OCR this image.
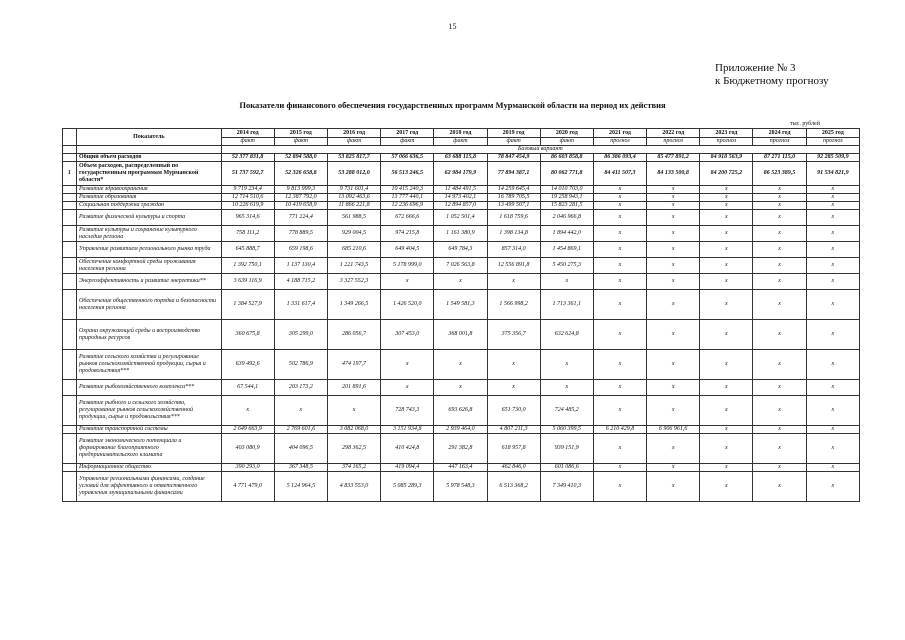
15
Приложение № 3
к Бюджетному прогнозу
Показатели финансового обеспечения государственных программ Мурманской области на период их действия
тыс. рублей
	Показатель	2014 год	2015 год	2016 год	2017 год	2018 год	2019 год	2020 год	2021 год	2022 год	2023 год	2024 год	2025 год
		факт	факт	факт	факт	факт	факт	факт	прогноз	прогноз	прогноз	прогноз	прогноз
		Базовый вариант											
	Общий объем расходов	52 377 831,8	52 894 588,0	53 825 817,7	57 066 636,5	63 688 115,8	78 847 454,9	86 603 858,8	86 386 093,4	85 477 891,2	84 918 563,9	87 271 115,0	92 285 509,9
1	Объем расходов, распределенный по государственным программам Мурманской области*	51 737 592,7	52 326 658,8	53 288 012,0	56 513 246,5	62 984 179,9	77 894 387,1	80 062 771,8	84 411 507,3	84 133 500,8	84 200 725,2	86 523 389,5	91 534 821,9
	Развитие здравоохранения	9 719 234,4	9 813 999,3	9 731 601,4	10 415 240,3	11 484 491,5	14 259 645,4	14 010 703,0	х	х	х	х	х
	Развитие образования	12 714 510,6	12 387 792,0	13 092 463,6	13 777 440,1	14 973 402,1	16 789 705,5	19 258 943,1	х	х	х	х	х
	Социальная поддержка граждан	10 226 619,9	10 419 658,9	11 866 221,8	12 236 696,9	12 894 857,0	13 499 507,1	15 823 281,5	х	х	х	х	х
	Развитие физической культуры и спорта	965 314,6	771 224,4	561 988,5	672 666,6	1 052 501,4	1 618 759,6	2 046 966,8	х	х	х	х	х
	Развитие культуры и сохранение культурного наследия региона	758 111,2	778 889,5	929 004,5	974 215,8	1 161 380,9	1 398 134,8	1 894 442,0	х	х	х	х	х
	Управление развитием регионального рынка труда	645 888,7	659 198,6	685 210,6	649 404,5	649 784,3	857 314,0	1 454 869,1	х	х	х	х	х
	Обеспечение комфортной среды проживания населения региона	1 392 750,1	1 137 130,4	1 221 743,5	5 178 999,0	7 026 563,8	12 556 891,8	5 450 275,3	х	х	х	х	х
	Энергоэффективность и развитие энергетики**	3 639 116,9	4 188 715,2	3 327 552,3	х	х	х	х	х	х	х	х	х
	Обеспечение общественного порядка и безопасности населения региона	1 384 527,9	1 331 617,4	1 349 266,5	1 426 520,0	1 549 581,3	1 566 998,2	1 713 361,1	х	х	х	х	х
	Охрана окружающей среды и воспроизводство природных ресурсов	360 675,8	305 299,0	286 056,7	307 453,0	368 001,8	375 356,7	632 624,8	х	х	х	х	х
	Развитие сельского хозяйства и регулирование рынков сельскохозяйственной продукции, сырья и продовольствия***	639 492,6	502 786,9	474 197,7	х	х	х	х	х	х	х	х	х
	Развитие рыбохозяйственного комплекса***	67 544,1	203 173,2	201 891,6	х	х	х	х	х	х	х	х	х
	Развитие рыбного и сельского хозяйства, регулирование рынков сельскохозяйственной продукции, сырья и продовольствия***	х	х	х	728 743,3	693 626,8	651 730,0	724 485,2	х	х	х	х	х
	Развитие транспортной системы	2 649 663,9	2 769 601,6	3 082 068,0	3 151 934,8	2 939 464,0	4 807 211,3	5 060 399,5	6 210 429,8	6 906 961,6	х	х	х
	Развитие экономического потенциала и формирование благоприятного предпринимательского климата	403 080,9	404 096,5	298 362,5	410 424,8	291 382,8	618 957,8	939 151,9	х	х	х	х	х
	Информационное общество	390 293,0	367 348,5	374 165,2	419 094,4	447 163,4	462 846,0	601 086,6	х	х	х	х	х
	Управление региональными финансами, создание условий для эффективного и ответственного управления муниципальными финансами	4 771 479,0	5 124 964,5	4 833 553,0	5 085 289,3	5 978 548,3	6 513 368,2	7 349 410,3	х	х	х	х	х
